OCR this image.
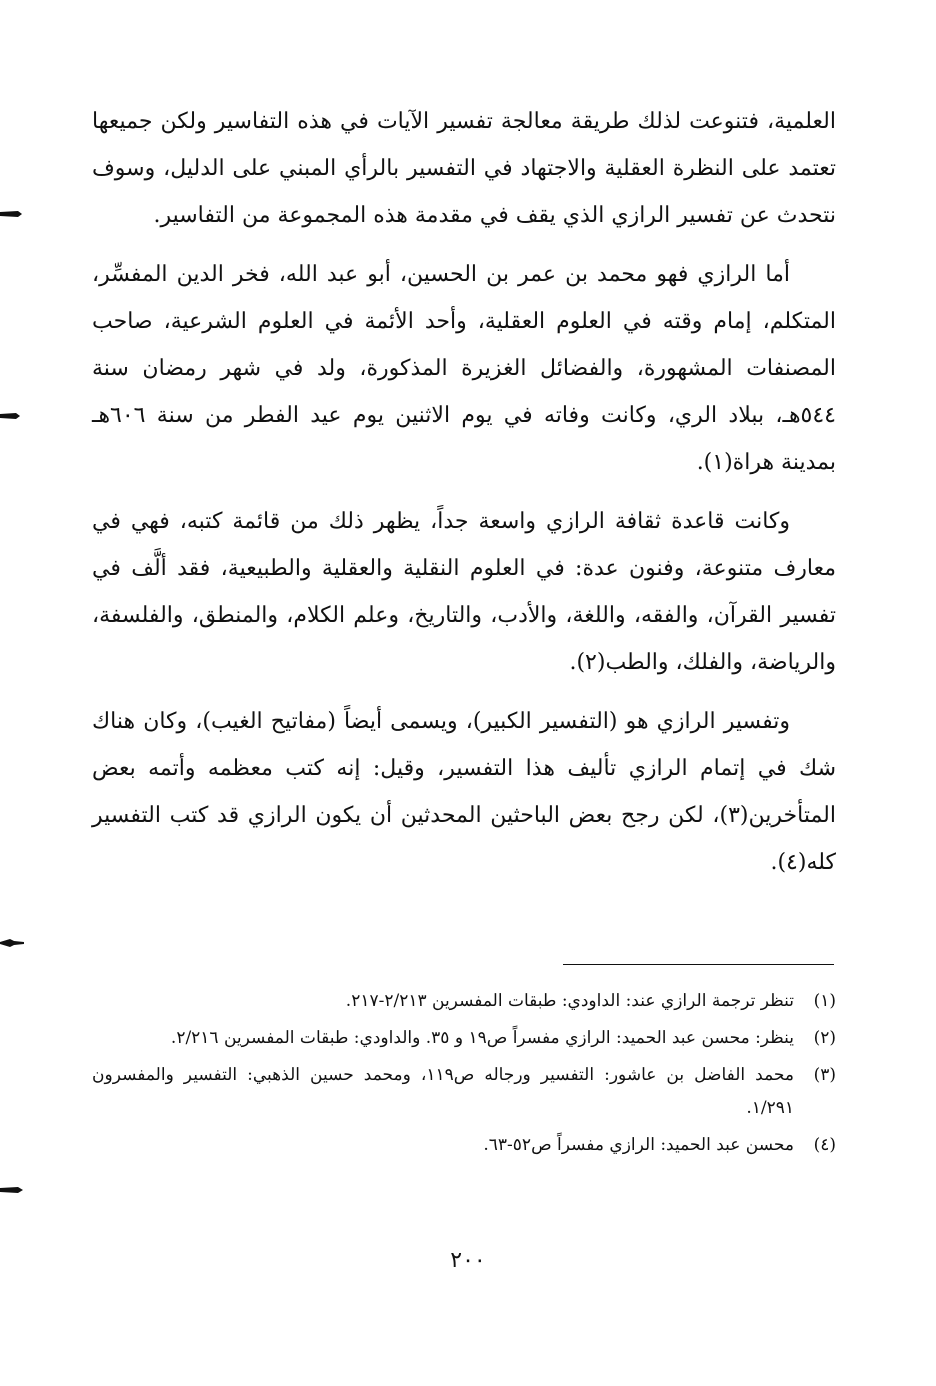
العلمية، فتنوعت لذلك طريقة معالجة تفسير الآيات في هذه التفاسير ولكن جميعها تعتمد على النظرة العقلية والاجتهاد في التفسير بالرأي المبني على الدليل، وسوف نتحدث عن تفسير الرازي الذي يقف في مقدمة هذه المجموعة من التفاسير.

أما الرازي فهو محمد بن عمر بن الحسين، أبو عبد الله، فخر الدين المفسِّر، المتكلم، إمام وقته في العلوم العقلية، وأحد الأئمة في العلوم الشرعية، صاحب المصنفات المشهورة، والفضائل الغزيرة المذكورة، ولد في شهر رمضان سنة ٥٤٤هـ، ببلاد الري، وكانت وفاته في يوم الاثنين يوم عيد الفطر من سنة ٦٠٦هـ بمدينة هراة(١).

وكانت قاعدة ثقافة الرازي واسعة جداً، يظهر ذلك من قائمة كتبه، فهي في معارف متنوعة، وفنون عدة: في العلوم النقلية والعقلية والطبيعية، فقد ألَّف في تفسير القرآن، والفقه، واللغة، والأدب، والتاريخ، وعلم الكلام، والمنطق، والفلسفة، والرياضة، والفلك، والطب(٢).

وتفسير الرازي هو (التفسير الكبير)، ويسمى أيضاً (مفاتيح الغيب)، وكان هناك شك في إتمام الرازي تأليف هذا التفسير، وقيل: إنه كتب معظمه وأتمه بعض المتأخرين(٣)، لكن رجح بعض الباحثين المحدثين أن يكون الرازي قد كتب التفسير كله(٤).

(١)
تنظر ترجمة الرازي عند: الداودي: طبقات المفسرين ٢/٢١٣-٢١٧.

(٢)
ينظر: محسن عبد الحميد: الرازي مفسراً ص١٩ و ٣٥. والداودي: طبقات المفسرين ٢/٢١٦.

(٣)
محمد الفاضل بن عاشور: التفسير ورجاله ص١١٩، ومحمد حسين الذهبي: التفسير والمفسرون ١/٢٩١.

(٤)
محسن عبد الحميد: الرازي مفسراً ص٥٢-٦٣.

٢٠٠
